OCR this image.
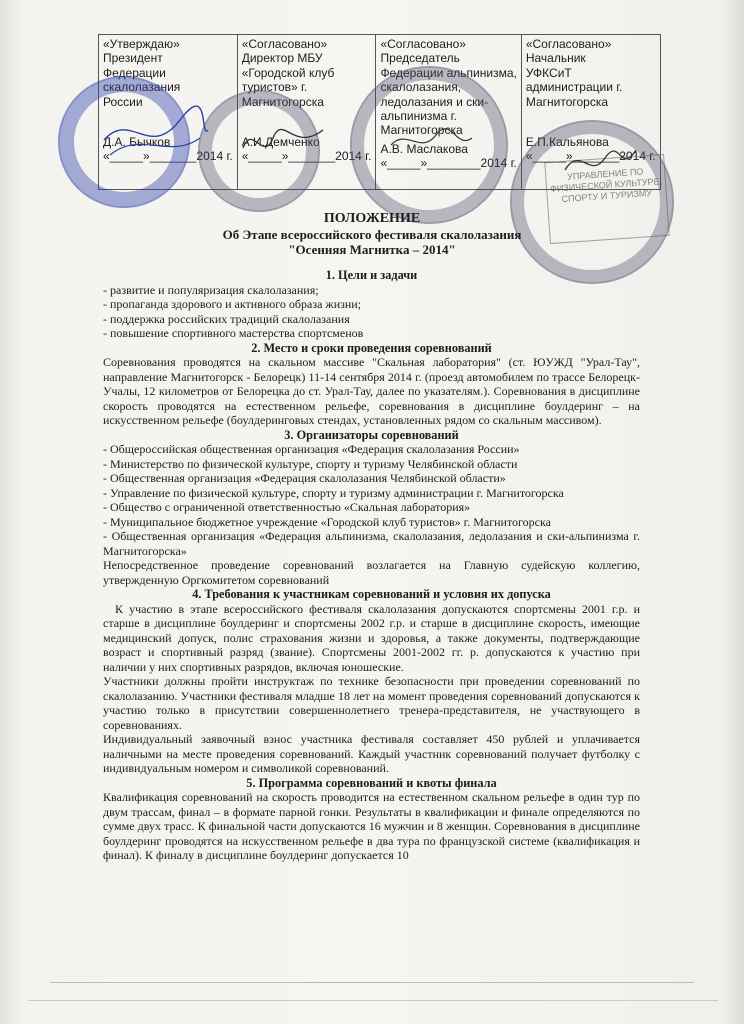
«Утверждаю»
Президент
Федерации
скалолазания
России
Д.А. Бычков
«_____»_______2014 г.

«Согласовано»
Директор МБУ
«Городской клуб
туристов» г.
Магнитогорска
А.И.Демченко
«_____»_______2014 г.

«Согласовано»
Председатель
Федерации альпинизма,
скалолазания,
ледолазания и ски-
альпинизма г.
Магнитогорска
А.В. Маслакова
«_____»________2014 г.

«Согласовано»
Начальник
УФКСиТ
администрации г.
Магнитогорска
Е.П.Кальянова
«_____»_______2014 г.
УПРАВЛЕНИЕ ПО ФИЗИЧЕСКОЙ КУЛЬТУРЕ, СПОРТУ И ТУРИЗМУ
ПОЛОЖЕНИЕ
Об Этапе всероссийского фестиваля скалолазания
"Осенняя Магнитка – 2014"

1. Цели и задачи

- развитие и популяризация скалолазания;

- пропаганда здорового и активного образа жизни;

- поддержка российских традиций скалолазания

- повышение спортивного мастерства спортсменов

2. Место и сроки проведения соревнований

Соревнования проводятся на скальном массиве "Скальная лаборатория" (ст. ЮУЖД "Урал-Тау", направление Магнитогорск - Белорецк) 11-14 сентября 2014 г. (проезд автомобилем по трассе Белорецк-Учалы, 12 километров от Белорецка до ст. Урал-Тау, далее по указателям.). Соревнования в дисциплине скорость проводятся на естественном рельефе, соревнования в дисциплине боулдеринг – на искусственном рельефе (боулдеринговых стендах, установленных рядом со скальным массивом).

3. Организаторы соревнований

- Общероссийская общественная организация «Федерация скалолазания России»

- Министерство по физической культуре, спорту и туризму Челябинской области

- Общественная организация «Федерация скалолазания Челябинской области»

- Управление по физической культуре, спорту и туризму администрации г. Магнитогорска

- Общество с ограниченной ответственностью «Скальная лаборатория»

- Муниципальное бюджетное учреждение «Городской клуб туристов» г. Магнитогорска

- Общественная организация «Федерация альпинизма, скалолазания, ледолазания и ски-альпинизма г. Магнитогорска»

Непосредственное проведение соревнований возлагается на Главную судейскую коллегию, утвержденную Оргкомитетом соревнований

4. Требования к участникам соревнований и условия их допуска

К участию в этапе всероссийского фестиваля скалолазания допускаются спортсмены 2001 г.р. и старше в дисциплине боулдеринг и спортсмены 2002 г.р. и старше в дисциплине скорость, имеющие медицинский допуск, полис страхования жизни и здоровья, а также документы, подтверждающие возраст и спортивный разряд (звание). Спортсмены 2001-2002 гг. р. допускаются к участию при наличии у них спортивных разрядов, включая юношеские.

Участники должны пройти инструктаж по технике безопасности при проведении соревнований по скалолазанию. Участники фестиваля младше 18 лет на момент проведения соревнований допускаются к участию только в присутствии совершеннолетнего тренера-представителя, не участвующего в соревнованиях.

Индивидуальный заявочный взнос участника фестиваля составляет 450 рублей и уплачивается наличными на месте проведения соревнований. Каждый участник соревнований получает футболку с индивидуальным номером и символикой соревнований.

5. Программа соревнований и квоты финала

Квалификация соревнований на скорость проводится на естественном скальном рельефе в один тур по двум трассам, финал – в формате парной гонки. Результаты в квалификации и финале определяются по сумме двух трасс. К финальной части допускаются 16 мужчин и 8 женщин. Соревнования в дисциплине боулдеринг проводятся на искусственном рельефе в два тура по французской системе (квалификация и финал). К финалу в дисциплине боулдеринг допускается 10
